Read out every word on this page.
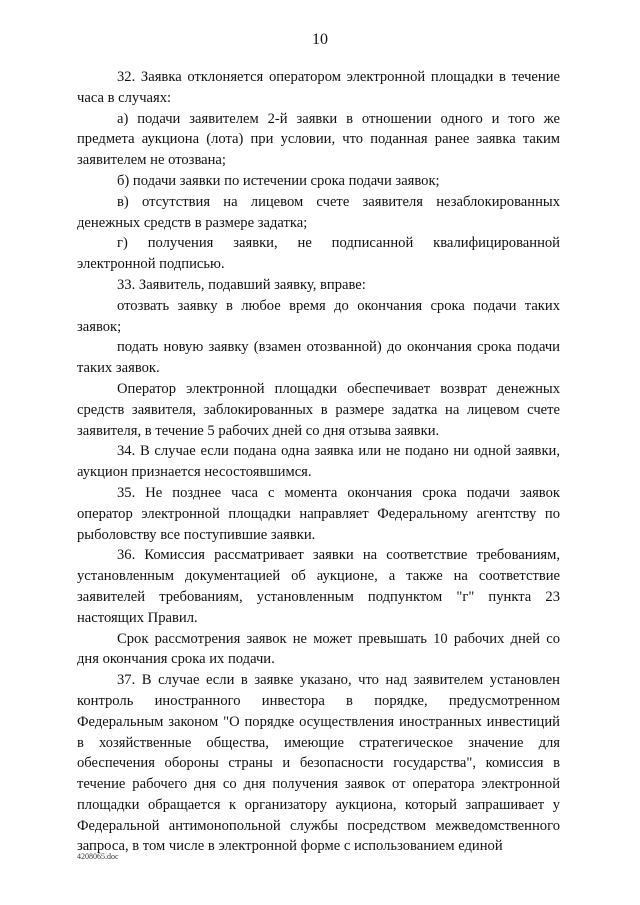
10

32. Заявка отклоняется оператором электронной площадки в течение часа в случаях:

а) подачи заявителем 2-й заявки в отношении одного и того же предмета аукциона (лота) при условии, что поданная ранее заявка таким заявителем не отозвана;

б) подачи заявки по истечении срока подачи заявок;

в) отсутствия на лицевом счете заявителя незаблокированных денежных средств в размере задатка;

г) получения заявки, не подписанной квалифицированной электронной подписью.

33. Заявитель, подавший заявку, вправе:

отозвать заявку в любое время до окончания срока подачи таких заявок;

подать новую заявку (взамен отозванной) до окончания срока подачи таких заявок.

Оператор электронной площадки обеспечивает возврат денежных средств заявителя, заблокированных в размере задатка на лицевом счете заявителя, в течение 5 рабочих дней со дня отзыва заявки.

34. В случае если подана одна заявка или не подано ни одной заявки, аукцион признается несостоявшимся.

35. Не позднее часа с момента окончания срока подачи заявок оператор электронной площадки направляет Федеральному агентству по рыболовству все поступившие заявки.

36. Комиссия рассматривает заявки на соответствие требованиям, установленным документацией об аукционе, а также на соответствие заявителей требованиям, установленным подпунктом "г" пункта 23 настоящих Правил.

Срок рассмотрения заявок не может превышать 10 рабочих дней со дня окончания срока их подачи.

37. В случае если в заявке указано, что над заявителем установлен контроль иностранного инвестора в порядке, предусмотренном Федеральным законом "О порядке осуществления иностранных инвестиций в хозяйственные общества, имеющие стратегическое значение для обеспечения обороны страны и безопасности государства", комиссия в течение рабочего дня со дня получения заявок от оператора электронной площадки обращается к организатору аукциона, который запрашивает у Федеральной антимонопольной службы посредством межведомственного запроса, в том числе в электронной форме с использованием единой

4208065.doc
